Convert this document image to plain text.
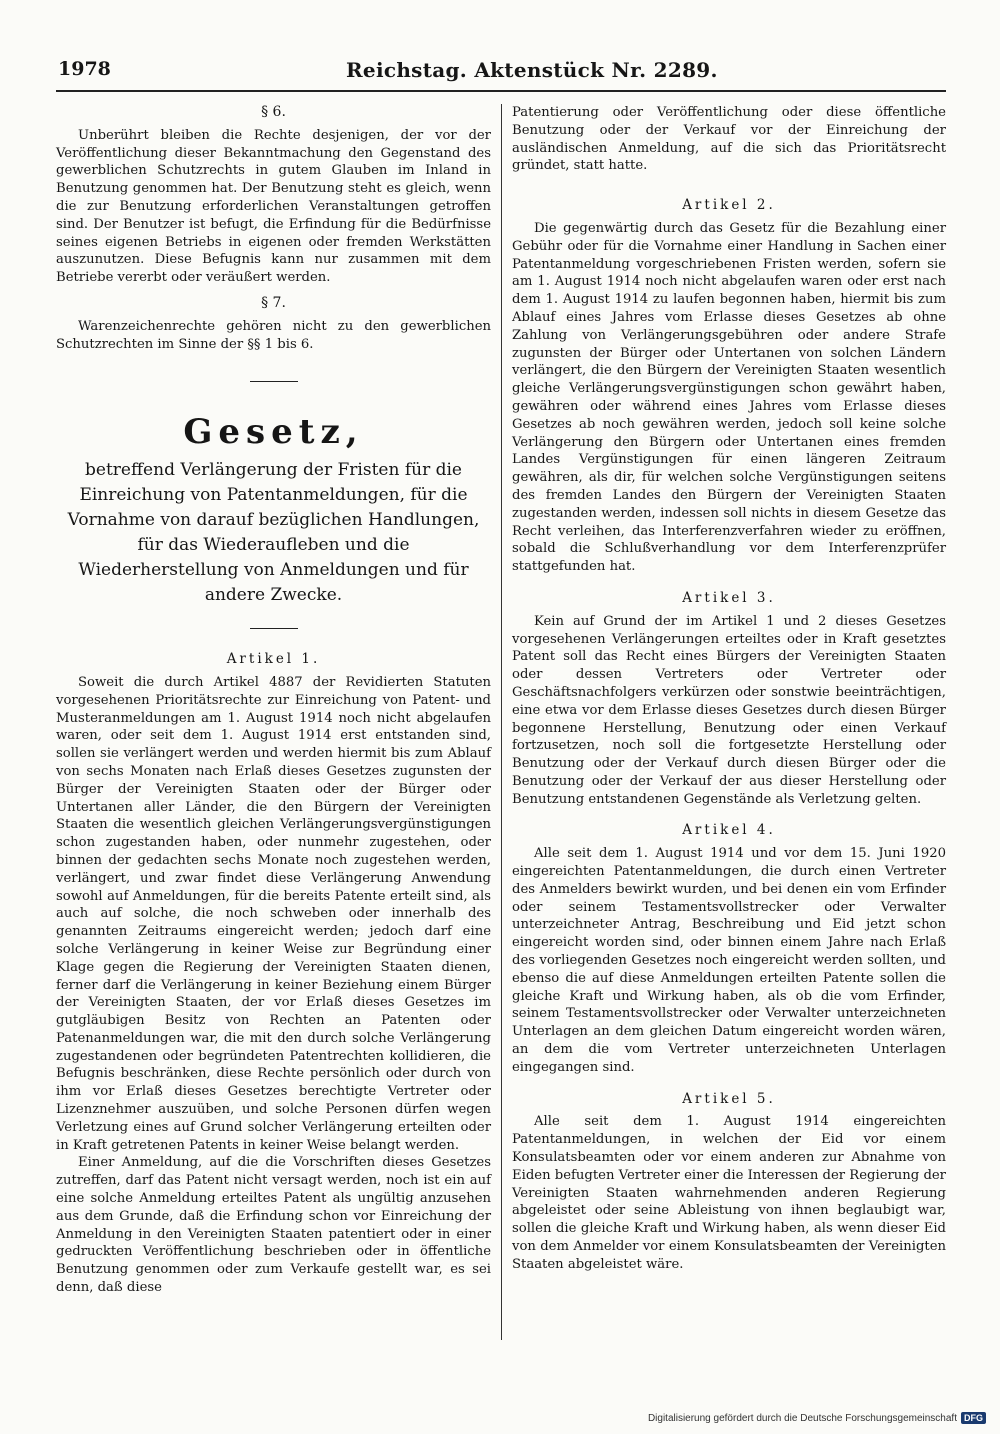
1978	Reichstag. Aktenstück Nr. 2289.
§ 6.

Unberührt bleiben die Rechte desjenigen, der vor der Veröffentlichung dieser Bekanntmachung den Gegenstand des gewerblichen Schutzrechts in gutem Glauben im Inland in Benutzung genommen hat. Der Benutzung steht es gleich, wenn die zur Benutzung erforderlichen Veranstaltungen getroffen sind. Der Benutzer ist befugt, die Erfindung für die Bedürfnisse seines eigenen Betriebs in eigenen oder fremden Werkstätten auszunutzen. Diese Befugnis kann nur zusammen mit dem Betriebe vererbt oder veräußert werden.

§ 7.

Warenzeichenrechte gehören nicht zu den gewerblichen Schutzrechten im Sinne der §§ 1 bis 6.

Gesetz,
betreffend Verlängerung der Fristen für die Einreichung von Patentanmeldungen, für die Vornahme von darauf bezüglichen Handlungen, für das Wiederaufleben und die Wiederherstellung von Anmeldungen und für andere Zwecke.
Artikel 1.

Soweit die durch Artikel 4887 der Revidierten Statuten vorgesehenen Prioritätsrechte zur Einreichung von Patent- und Musteranmeldungen am 1. August 1914 noch nicht abgelaufen waren, oder seit dem 1. August 1914 erst entstanden sind, sollen sie verlängert werden und werden hiermit bis zum Ablauf von sechs Monaten nach Erlaß dieses Gesetzes zugunsten der Bürger der Vereinigten Staaten oder der Bürger oder Untertanen aller Länder, die den Bürgern der Vereinigten Staaten die wesentlich gleichen Verlängerungsvergünstigungen schon zugestanden haben, oder nunmehr zugestehen, oder binnen der gedachten sechs Monate noch zugestehen werden, verlängert, und zwar findet diese Verlängerung Anwendung sowohl auf Anmeldungen, für die bereits Patente erteilt sind, als auch auf solche, die noch schweben oder innerhalb des genannten Zeitraums eingereicht werden; jedoch darf eine solche Verlängerung in keiner Weise zur Begründung einer Klage gegen die Regierung der Vereinigten Staaten dienen, ferner darf die Verlängerung in keiner Beziehung einem Bürger der Vereinigten Staaten, der vor Erlaß dieses Gesetzes im gutgläubigen Besitz von Rechten an Patenten oder Patenanmeldungen war, die mit den durch solche Verlängerung zugestandenen oder begründeten Patentrechten kollidieren, die Befugnis beschränken, diese Rechte persönlich oder durch von ihm vor Erlaß dieses Gesetzes berechtigte Vertreter oder Lizenznehmer auszuüben, und solche Personen dürfen wegen Verletzung eines auf Grund solcher Verlängerung erteilten oder in Kraft getretenen Patents in keiner Weise belangt werden.

Einer Anmeldung, auf die die Vorschriften dieses Gesetzes zutreffen, darf das Patent nicht versagt werden, noch ist ein auf eine solche Anmeldung erteiltes Patent als ungültig anzusehen aus dem Grunde, daß die Erfindung schon vor Einreichung der Anmeldung in den Vereinigten Staaten patentiert oder in einer gedruckten Veröffentlichung beschrieben oder in öffentliche Benutzung genommen oder zum Verkaufe gestellt war, es sei denn, daß diese

Patentierung oder Veröffentlichung oder diese öffentliche Benutzung oder der Verkauf vor der Einreichung der ausländischen Anmeldung, auf die sich das Prioritätsrecht gründet, statt hatte.

Artikel 2.

Die gegenwärtig durch das Gesetz für die Bezahlung einer Gebühr oder für die Vornahme einer Handlung in Sachen einer Patentanmeldung vorgeschriebenen Fristen werden, sofern sie am 1. August 1914 noch nicht abgelaufen waren oder erst nach dem 1. August 1914 zu laufen begonnen haben, hiermit bis zum Ablauf eines Jahres vom Erlasse dieses Gesetzes ab ohne Zahlung von Verlängerungsgebühren oder andere Strafe zugunsten der Bürger oder Untertanen von solchen Ländern verlängert, die den Bürgern der Vereinigten Staaten wesentlich gleiche Verlängerungsvergünstigungen schon gewährt haben, gewähren oder während eines Jahres vom Erlasse dieses Gesetzes ab noch gewähren werden, jedoch soll keine solche Verlängerung den Bürgern oder Untertanen eines fremden Landes Vergünstigungen für einen längeren Zeitraum gewähren, als dir, für welchen solche Vergünstigungen seitens des fremden Landes den Bürgern der Vereinigten Staaten zugestanden werden, indessen soll nichts in diesem Gesetze das Recht verleihen, das Interferenzverfahren wieder zu eröffnen, sobald die Schlußverhandlung vor dem Interferenzprüfer stattgefunden hat.

Artikel 3.

Kein auf Grund der im Artikel 1 und 2 dieses Gesetzes vorgesehenen Verlängerungen erteiltes oder in Kraft gesetztes Patent soll das Recht eines Bürgers der Vereinigten Staaten oder dessen Vertreters oder Vertreter oder Geschäftsnachfolgers verkürzen oder sonstwie beeinträchtigen, eine etwa vor dem Erlasse dieses Gesetzes durch diesen Bürger begonnene Herstellung, Benutzung oder einen Verkauf fortzusetzen, noch soll die fortgesetzte Herstellung oder Benutzung oder der Verkauf durch diesen Bürger oder die Benutzung oder der Verkauf der aus dieser Herstellung oder Benutzung entstandenen Gegenstände als Verletzung gelten.

Artikel 4.

Alle seit dem 1. August 1914 und vor dem 15. Juni 1920 eingereichten Patentanmeldungen, die durch einen Vertreter des Anmelders bewirkt wurden, und bei denen ein vom Erfinder oder seinem Testamentsvollstrecker oder Verwalter unterzeichneter Antrag, Beschreibung und Eid jetzt schon eingereicht worden sind, oder binnen einem Jahre nach Erlaß des vorliegenden Gesetzes noch eingereicht werden sollten, und ebenso die auf diese Anmeldungen erteilten Patente sollen die gleiche Kraft und Wirkung haben, als ob die vom Erfinder, seinem Testamentsvollstrecker oder Verwalter unterzeichneten Unterlagen an dem gleichen Datum eingereicht worden wären, an dem die vom Vertreter unterzeichneten Unterlagen eingegangen sind.

Artikel 5.

Alle seit dem 1. August 1914 eingereichten Patentanmeldungen, in welchen der Eid vor einem Konsulatsbeamten oder vor einem anderen zur Abnahme von Eiden befugten Vertreter einer die Interessen der Regierung der Vereinigten Staaten wahrnehmenden anderen Regierung abgeleistet oder seine Ableistung von ihnen beglaubigt war, sollen die gleiche Kraft und Wirkung haben, als wenn dieser Eid von dem Anmelder vor einem Konsulatsbeamten der Vereinigten Staaten abgeleistet wäre.

Digitalisierung gefördert durch die Deutsche Forschungsgemeinschaft DFG
